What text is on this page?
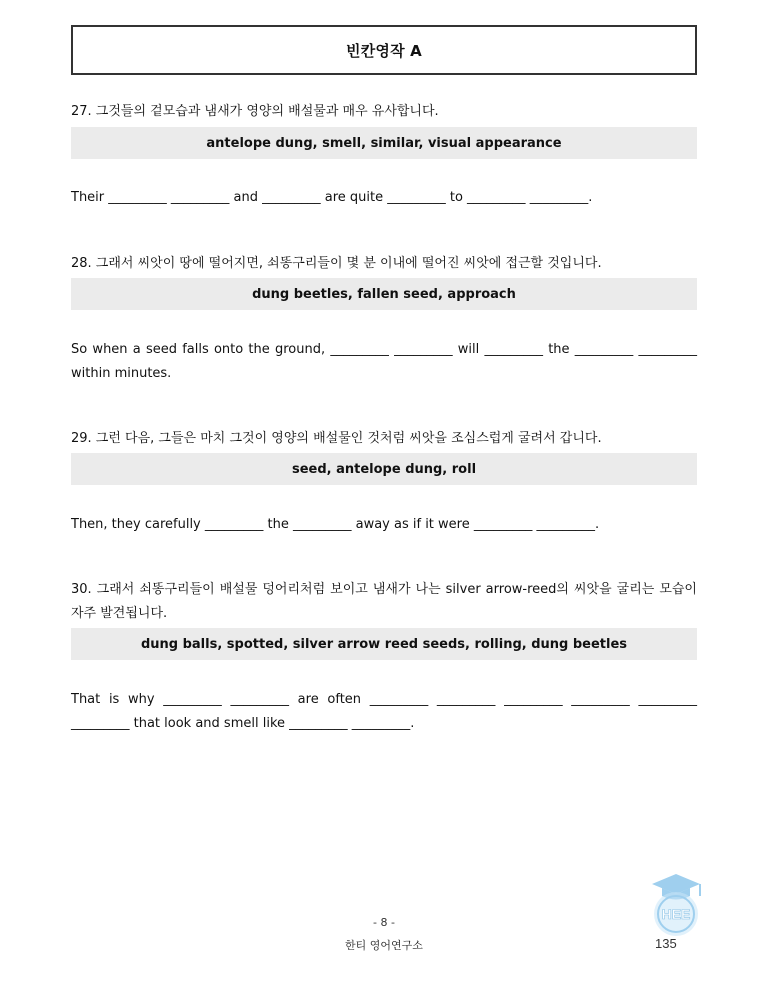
빈칸영작 A
27. 그것들의 겉모습과 냄새가 영양의 배설물과 매우 유사합니다.
antelope dung, smell, similar, visual appearance
Their _________ _________ and _________ are quite _________ to _________ _________.
28. 그래서 씨앗이 땅에 떨어지면, 쇠똥구리들이 몇 분 이내에 떨어진 씨앗에 접근할 것입니다.
dung beetles, fallen seed, approach
So when a seed falls onto the ground, _________ _________ will _________ the _________ _________ within minutes.
29. 그런 다음, 그들은 마치 그것이 영양의 배설물인 것처럼 씨앗을 조심스럽게 굴려서 갑니다.
seed, antelope dung, roll
Then, they carefully _________ the _________ away as if it were _________ _________.
30. 그래서 쇠똥구리들이 배설물 덩어리처럼 보이고 냄새가 나는 silver arrow-reed의 씨앗을 굴리는 모습이 자주 발견됩니다.
dung balls, spotted, silver arrow reed seeds, rolling, dung beetles
That is why _________ _________ are often _________ _________ _________ _________ _________ _________ that look and smell like _________ _________.
- 8 -
한티 영어연구소
HEE
135
